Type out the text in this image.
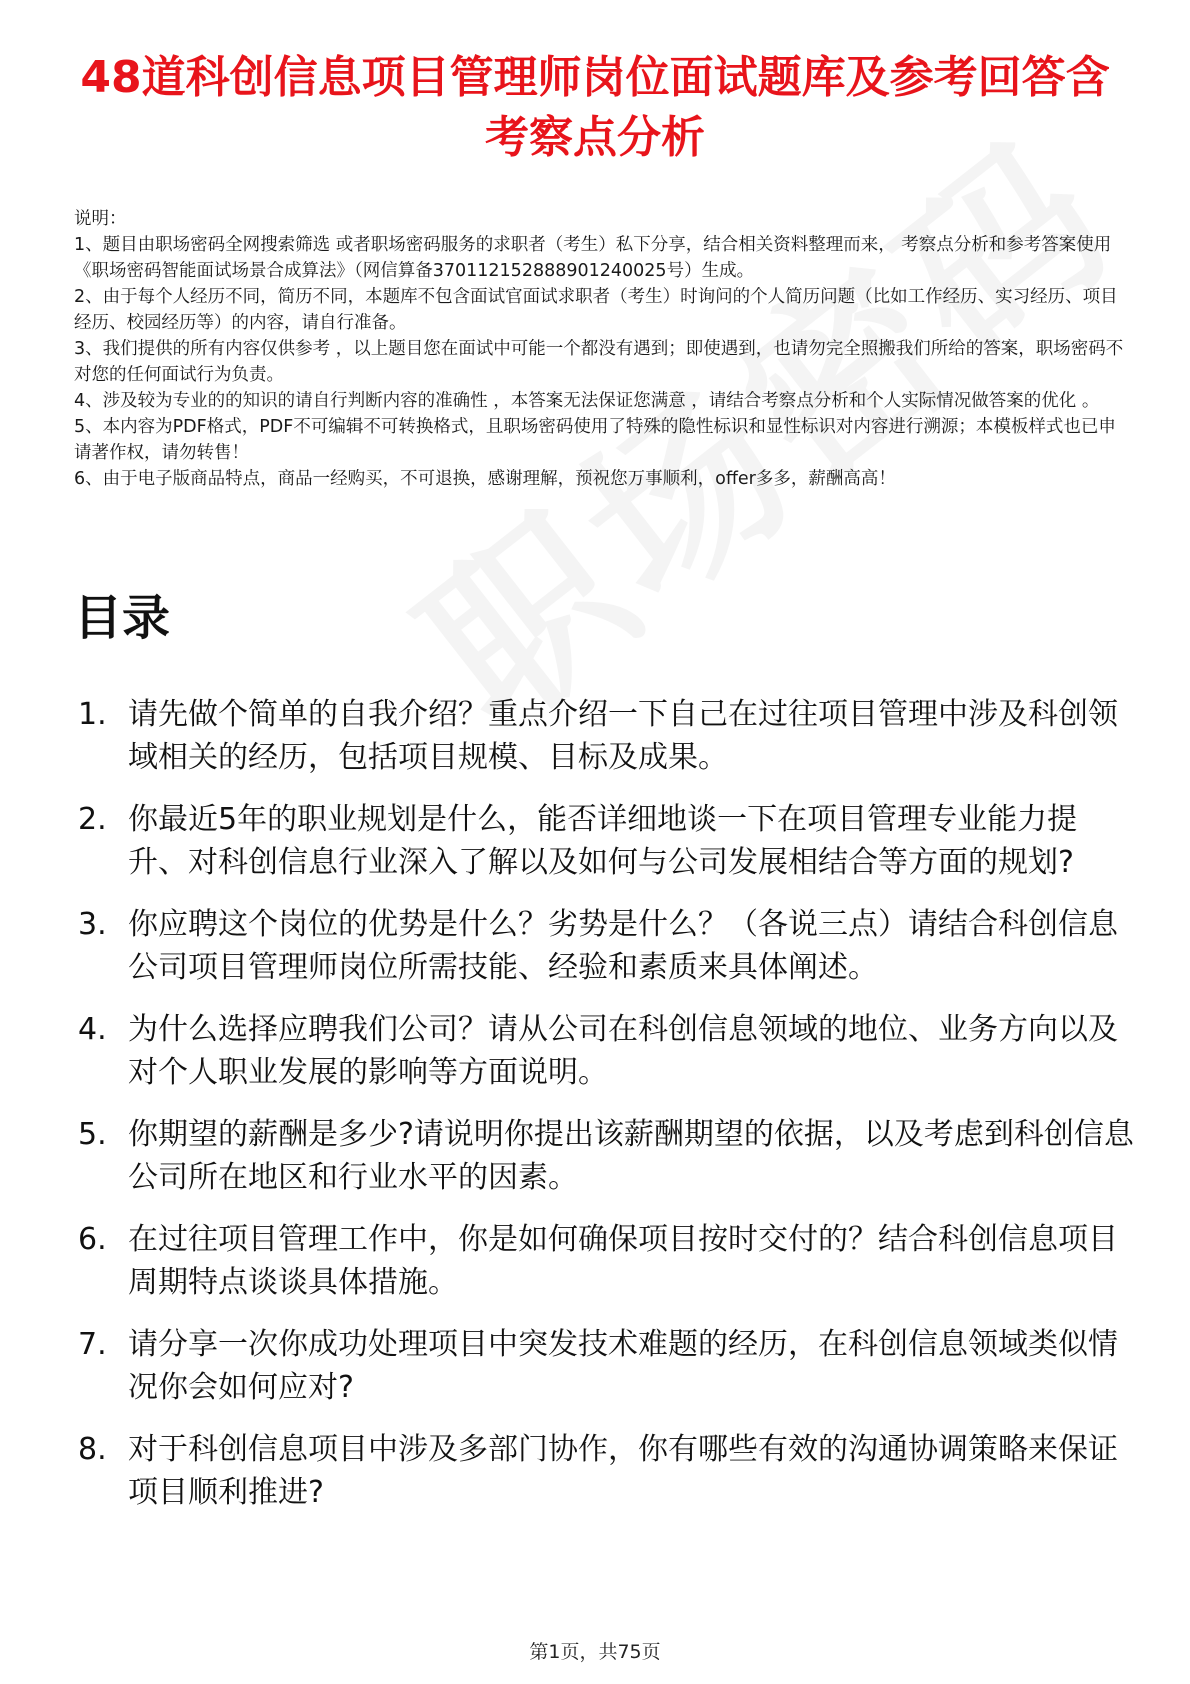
48道科创信息项目管理师岗位面试题库及参考回答含考察点分析

说明：

1、题目由职场密码全网搜索筛选 或者职场密码服务的求职者（考生）私下分享，结合相关资料整理而来， 考察点分析和参考答案使用《职场密码智能面试场景合成算法》（网信算备370112152888901240025号）生成。

2、由于每个人经历不同，简历不同，本题库不包含面试官面试求职者（考生）时询问的个人简历问题（比如工作经历、实习经历、项目经历、校园经历等）的内容，请自行准备。

3、我们提供的所有内容仅供参考 ，以上题目您在面试中可能一个都没有遇到；即使遇到，也请勿完全照搬我们所给的答案，职场密码不对您的任何面试行为负责。

4、涉及较为专业的的知识的请自行判断内容的准确性 ，本答案无法保证您满意 ，请结合考察点分析和个人实际情况做答案的优化 。

5、本内容为PDF格式，PDF不可编辑不可转换格式，且职场密码使用了特殊的隐性标识和显性标识对内容进行溯源；本模板样式也已申请著作权，请勿转售！

6、由于电子版商品特点，商品一经购买，不可退换，感谢理解，预祝您万事顺利，offer多多，薪酬高高！

目录
1. 请先做个简单的自我介绍？重点介绍一下自己在过往项目管理中涉及科创领域相关的经历，包括项目规模、目标及成果。
2. 你最近5年的职业规划是什么，能否详细地谈一下在项目管理专业能力提升、对科创信息行业深入了解以及如何与公司发展相结合等方面的规划?
3. 你应聘这个岗位的优势是什么？劣势是什么？（各说三点）请结合科创信息公司项目管理师岗位所需技能、经验和素质来具体阐述。
4. 为什么选择应聘我们公司？请从公司在科创信息领域的地位、业务方向以及对个人职业发展的影响等方面说明。
5. 你期望的薪酬是多少?请说明你提出该薪酬期望的依据，以及考虑到科创信息公司所在地区和行业水平的因素。
6. 在过往项目管理工作中，你是如何确保项目按时交付的？结合科创信息项目周期特点谈谈具体措施。
7. 请分享一次你成功处理项目中突发技术难题的经历，在科创信息领域类似情况你会如何应对?
8. 对于科创信息项目中涉及多部门协作，你有哪些有效的沟通协调策略来保证项目顺利推进?
第1页，共75页
